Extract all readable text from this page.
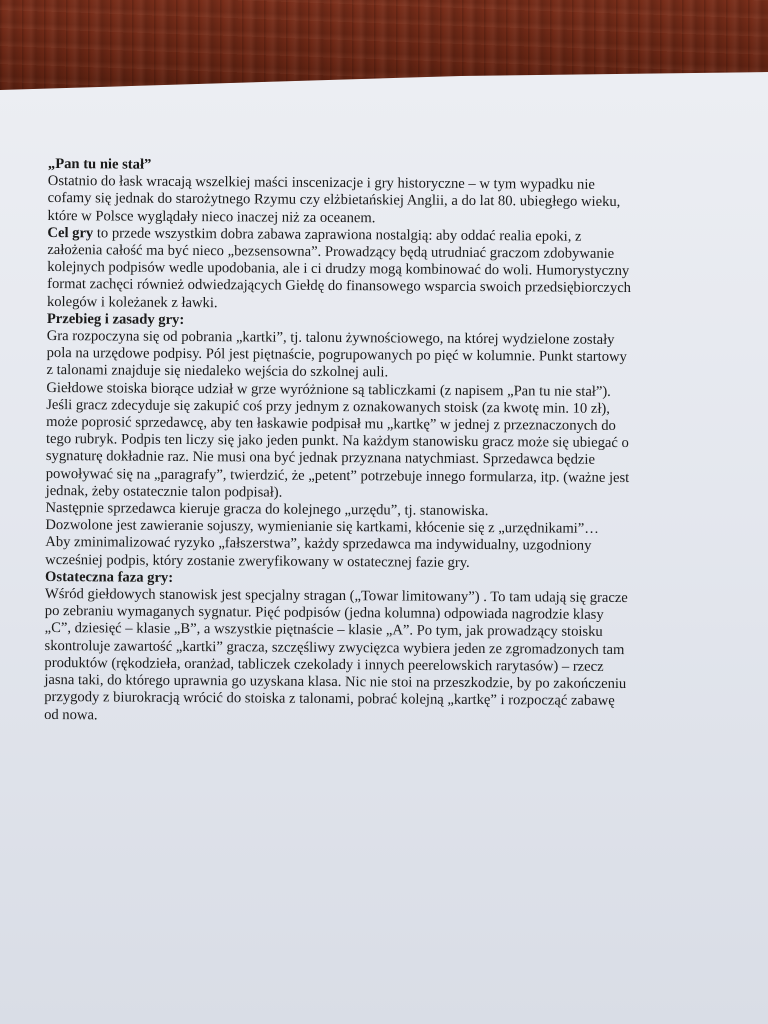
„Pan tu nie stał”
Ostatnio do łask wracają wszelkiej maści inscenizacje i gry historyczne – w tym wypadku nie
cofamy się jednak do starożytnego Rzymu czy elżbietańskiej Anglii, a do lat 80. ubiegłego wieku,
które w Polsce wyglądały nieco inaczej niż za oceanem.
Cel gry to przede wszystkim dobra zabawa zaprawiona nostalgią: aby oddać realia epoki, z
założenia całość ma być nieco „bezsensowna”. Prowadzący będą utrudniać graczom zdobywanie
kolejnych podpisów wedle upodobania, ale i ci drudzy mogą kombinować do woli. Humorystyczny
format zachęci również odwiedzających Giełdę do finansowego wsparcia swoich przedsiębiorczych
kolegów i koleżanek z ławki.
Przebieg i zasady gry:
Gra rozpoczyna się od pobrania „kartki”, tj. talonu żywnościowego, na której wydzielone zostały
pola na urzędowe podpisy. Pól jest piętnaście, pogrupowanych po pięć w kolumnie. Punkt startowy
z talonami znajduje się niedaleko wejścia do szkolnej auli.
Giełdowe stoiska biorące udział w grze wyróżnione są tabliczkami (z napisem „Pan tu nie stał”).
Jeśli gracz zdecyduje się zakupić coś przy jednym z oznakowanych stoisk (za kwotę min. 10 zł),
może poprosić sprzedawcę, aby ten łaskawie podpisał mu „kartkę” w jednej z przeznaczonych do
tego rubryk. Podpis ten liczy się jako jeden punkt. Na każdym stanowisku gracz może się ubiegać o
sygnaturę dokładnie raz. Nie musi ona być jednak przyznana natychmiast. Sprzedawca będzie
powoływać się na „paragrafy”, twierdzić, że „petent” potrzebuje innego formularza, itp. (ważne jest
jednak, żeby ostatecznie talon podpisał).
Następnie sprzedawca kieruje gracza do kolejnego „urzędu”, tj. stanowiska.
Dozwolone jest zawieranie sojuszy, wymienianie się kartkami, kłócenie się z „urzędnikami”…
Aby zminimalizować ryzyko „fałszerstwa”, każdy sprzedawca ma indywidualny, uzgodniony
wcześniej podpis, który zostanie zweryfikowany w ostatecznej fazie gry.
Ostateczna faza gry:
Wśród giełdowych stanowisk jest specjalny stragan („Towar limitowany”) . To tam udają się gracze
po zebraniu wymaganych sygnatur. Pięć podpisów (jedna kolumna) odpowiada nagrodzie klasy
„C”, dziesięć – klasie „B”, a wszystkie piętnaście – klasie „A”. Po tym, jak prowadzący stoisku
skontroluje zawartość „kartki” gracza, szczęśliwy zwycięzca wybiera jeden ze zgromadzonych tam
produktów (rękodzieła, oranżad, tabliczek czekolady i innych peerelowskich rarytasów) – rzecz
jasna taki, do którego uprawnia go uzyskana klasa. Nic nie stoi na przeszkodzie, by po zakończeniu
przygody z biurokracją wrócić do stoiska z talonami, pobrać kolejną „kartkę” i rozpocząć zabawę
od nowa.
